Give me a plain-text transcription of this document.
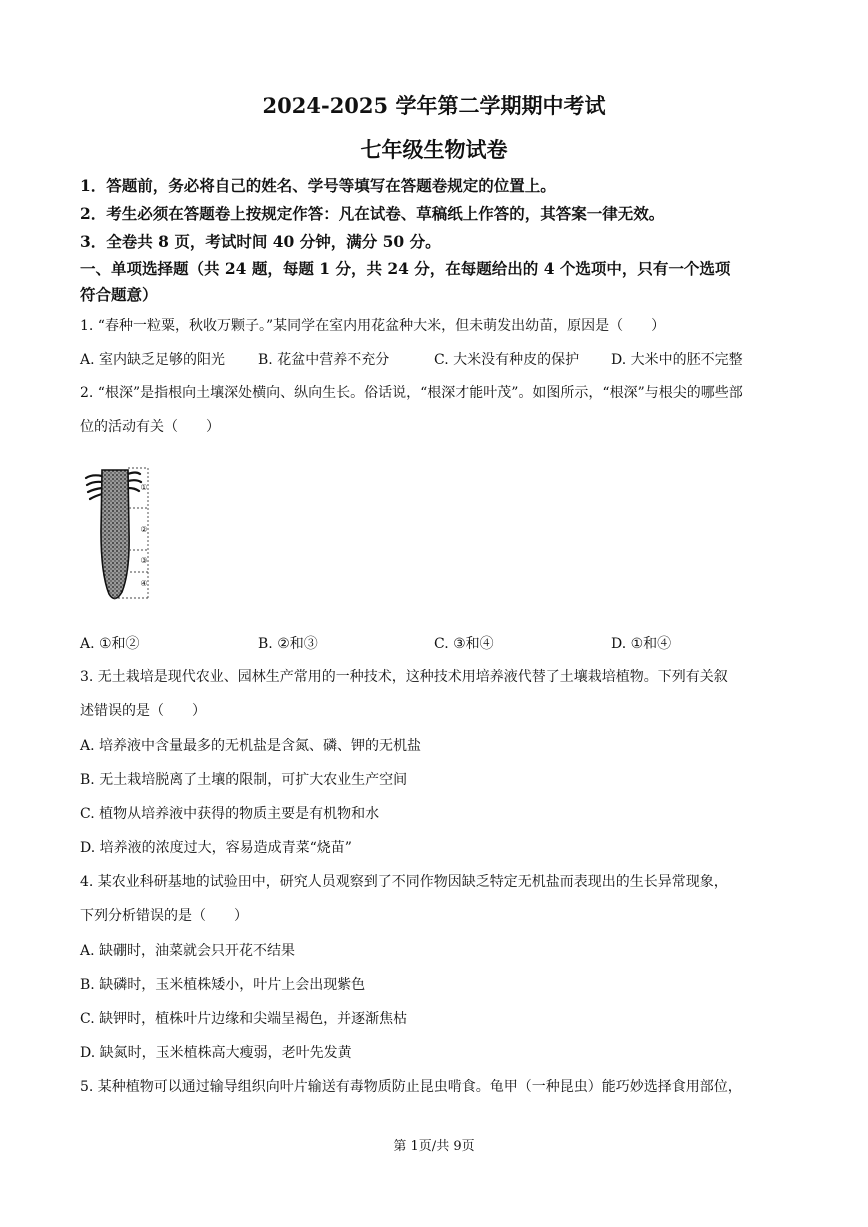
2024-2025 学年第二学期期中考试
七年级生物试卷
1．答题前，务必将自己的姓名、学号等填写在答题卷规定的位置上。
2．考生必须在答题卷上按规定作答：凡在试卷、草稿纸上作答的，其答案一律无效。
3．全卷共 8 页，考试时间 40 分钟，满分 50 分。
一、单项选择题（共 24 题，每题 1 分，共 24 分，在每题给出的 4 个选项中，只有一个选项
符合题意）
1. “春种一粒粟，秋收万颗子。”某同学在室内用花盆种大米，但未萌发出幼苗，原因是（　　）
A. 室内缺乏足够的阳光 B. 花盆中营养不充分	C. 大米没有种皮的保护 D. 大米中的胚不完整
2. “根深”是指根向土壤深处横向、纵向生长。俗话说，“根深才能叶茂”。如图所示，“根深”与根尖的哪些部
位的活动有关（　　）
①
②
③
④
A. ①和②	B. ②和③	C. ③和④	D. ①和④
3. 无土栽培是现代农业、园林生产常用的一种技术，这种技术用培养液代替了土壤栽培植物。下列有关叙
述错误的是（　　）
A. 培养液中含量最多的无机盐是含氮、磷、钾的无机盐
B. 无土栽培脱离了土壤的限制，可扩大农业生产空间
C. 植物从培养液中获得的物质主要是有机物和水
D. 培养液的浓度过大，容易造成青菜“烧苗”
4. 某农业科研基地的试验田中，研究人员观察到了不同作物因缺乏特定无机盐而表现出的生长异常现象，
下列分析错误的是（　　）
A. 缺硼时，油菜就会只开花不结果
B. 缺磷时，玉米植株矮小，叶片上会出现紫色
C. 缺钾时，植株叶片边缘和尖端呈褐色，并逐渐焦枯
D. 缺氮时，玉米植株高大瘦弱，老叶先发黄
5. 某种植物可以通过输导组织向叶片输送有毒物质防止昆虫啃食。龟甲（一种昆虫）能巧妙选择食用部位，
第 1页/共 9页
